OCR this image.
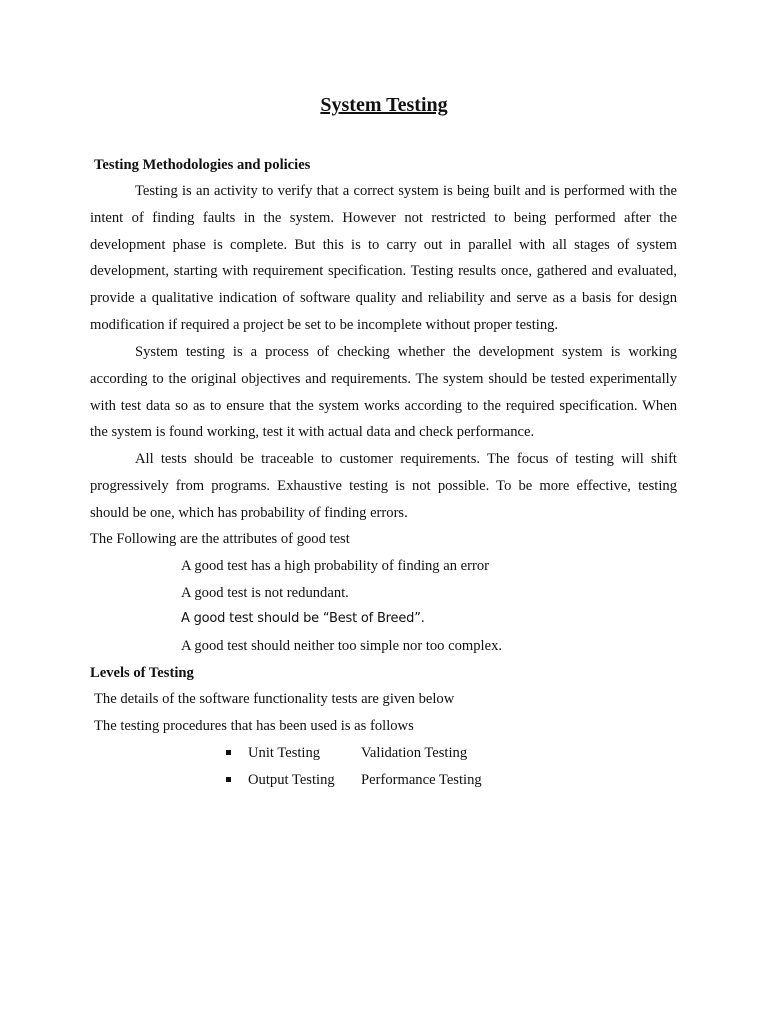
System Testing
Testing Methodologies and policies

Testing is an activity to verify that a correct system is being built and is performed with the intent of finding faults in the system. However not restricted to being performed after the development phase is complete. But this is to carry out in parallel with all stages of system development, starting with requirement specification. Testing results once, gathered and evaluated, provide a qualitative indication of software quality and reliability and serve as a basis for design modification if required a project be set to be incomplete without proper testing.

System testing is a process of checking whether the development system is working according to the original objectives and requirements. The system should be tested experimentally with test data so as to ensure that the system works according to the required specification. When the system is found working, test it with actual data and check performance.

All tests should be traceable to customer requirements. The focus of testing will shift progressively from programs. Exhaustive testing is not possible. To be more effective, testing should be one, which has probability of finding errors.

The Following are the attributes of good test
A good test has a high probability of finding an error
A good test is not redundant.
A good test should be “Best of Breed”.
A good test should neither too simple nor too complex.
Levels of Testing
The details of the software functionality tests are given below
The testing procedures that has been used is as follows
Unit Testing	Validation Testing
Output Testing Performance Testing
